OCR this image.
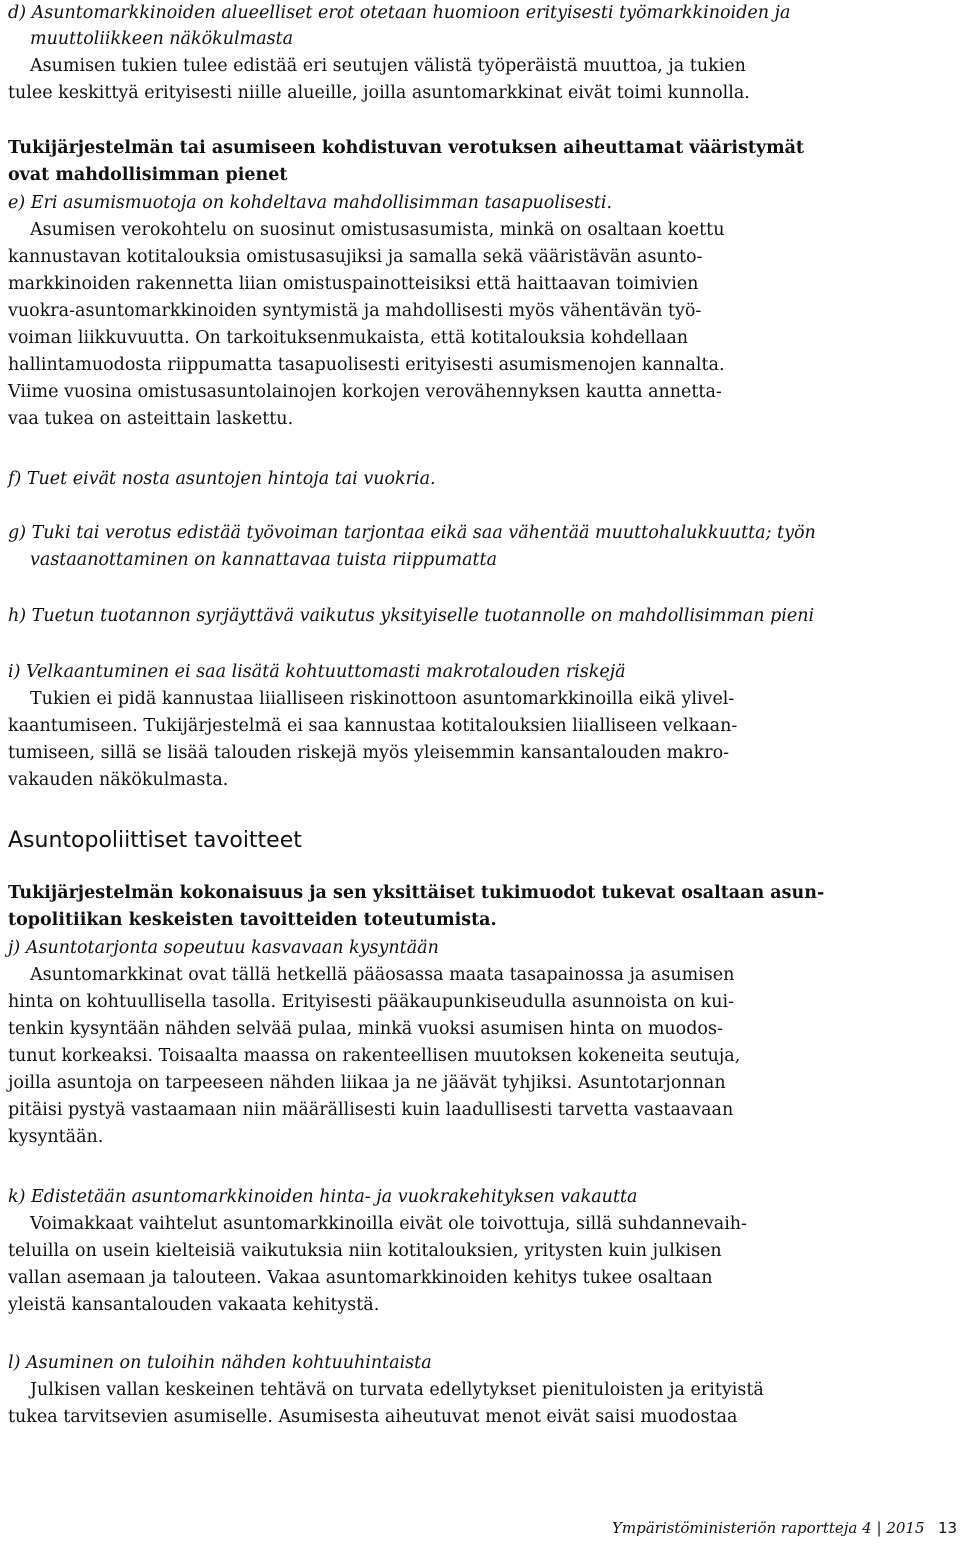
d) Asuntomarkkinoiden alueelliset erot otetaan huomioon erityisesti työmarkkinoiden ja
muuttoliikkeen näkökulmasta
Asumisen tukien tulee edistää eri seutujen välistä työperäistä muuttoa, ja tukien
tulee keskittyä erityisesti niille alueille, joilla asuntomarkkinat eivät toimi kunnolla.
Tukijärjestelmän tai asumiseen kohdistuvan verotuksen aiheuttamat vääristymät
ovat mahdollisimman pienet
e) Eri asumismuotoja on kohdeltava mahdollisimman tasapuolisesti.
Asumisen verokohtelu on suosinut omistusasumista, minkä on osaltaan koettu
kannustavan kotitalouksia omistusasujiksi ja samalla sekä vääristävän asunto-
markkinoiden rakennetta liian omistuspainotteisiksi että haittaavan toimivien
vuokra-asuntomarkkinoiden syntymistä ja mahdollisesti myös vähentävän työ-
voiman liikkuvuutta. On tarkoituksenmukaista, että kotitalouksia kohdellaan
hallintamuodosta riippumatta tasapuolisesti erityisesti asumismenojen kannalta.
Viime vuosina omistusasuntolainojen korkojen verovähennyksen kautta annetta-
vaa tukea on asteittain laskettu.
f) Tuet eivät nosta asuntojen hintoja tai vuokria.
g) Tuki tai verotus edistää työvoiman tarjontaa eikä saa vähentää muuttohalukkuutta; työn
vastaanottaminen on kannattavaa tuista riippumatta
h) Tuetun tuotannon syrjäyttävä vaikutus yksityiselle tuotannolle on mahdollisimman pieni
i) Velkaantuminen ei saa lisätä kohtuuttomasti makrotalouden riskejä
Tukien ei pidä kannustaa liialliseen riskinottoon asuntomarkkinoilla eikä ylivel-
kaantumiseen. Tukijärjestelmä ei saa kannustaa kotitalouksien liialliseen velkaan-
tumiseen, sillä se lisää talouden riskejä myös yleisemmin kansantalouden makro-
vakauden näkökulmasta.
Asuntopoliittiset tavoitteet
Tukijärjestelmän kokonaisuus ja sen yksittäiset tukimuodot tukevat osaltaan asun-
topolitiikan keskeisten tavoitteiden toteutumista.
j) Asuntotarjonta sopeutuu kasvavaan kysyntään
Asuntomarkkinat ovat tällä hetkellä pääosassa maata tasapainossa ja asumisen
hinta on kohtuullisella tasolla. Erityisesti pääkaupunkiseudulla asunnoista on kui-
tenkin kysyntään nähden selvää pulaa, minkä vuoksi asumisen hinta on muodos-
tunut korkeaksi. Toisaalta maassa on rakenteellisen muutoksen kokeneita seutuja,
joilla asuntoja on tarpeeseen nähden liikaa ja ne jäävät tyhjiksi. Asuntotarjonnan
pitäisi pystyä vastaamaan niin määrällisesti kuin laadullisesti tarvetta vastaavaan
kysyntään.
k) Edistetään asuntomarkkinoiden hinta- ja vuokrakehityksen vakautta
Voimakkaat vaihtelut asuntomarkkinoilla eivät ole toivottuja, sillä suhdannevaih-
teluilla on usein kielteisiä vaikutuksia niin kotitalouksien, yritysten kuin julkisen
vallan asemaan ja talouteen. Vakaa asuntomarkkinoiden kehitys tukee osaltaan
yleistä kansantalouden vakaata kehitystä.
l) Asuminen on tuloihin nähden kohtuuhintaista
Julkisen vallan keskeinen tehtävä on turvata edellytykset pienituloisten ja erityistä
tukea tarvitsevien asumiselle. Asumisesta aiheutuvat menot eivät saisi muodostaa
Ympäristöministeriön raportteja 4 | 2015 13
